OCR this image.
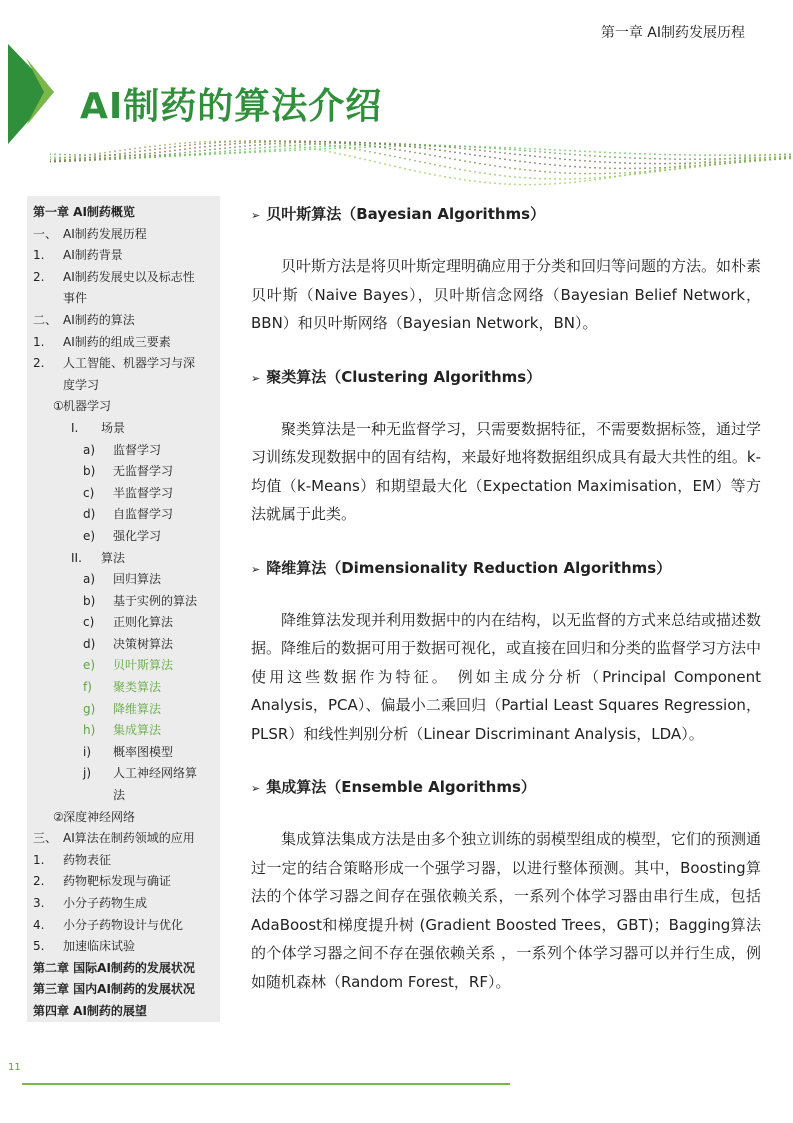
第一章 AI制药发展历程
AI制药的算法介绍
第一章 AI制药概览
一、 AI制药发展历程
1.	AI制药背景
2.	AI制药发展史以及标志性事件
二、 AI制药的算法
1.	AI制药的组成三要素
2.	人工智能、机器学习与深度学习
① 机器学习
I.	场景
a)	监督学习
b)	无监督学习
c)	半监督学习
d)	自监督学习
e)	强化学习
II.	算法
a)	回归算法
b)	基于实例的算法
c)	正则化算法
d)	决策树算法
e)	贝叶斯算法
f)	聚类算法
g)	降维算法
h)	集成算法
i)	概率图模型
j)	人工神经网络算法
② 深度神经网络
三、 AI算法在制药领域的应用
1.	药物表征
2.	药物靶标发现与确证
3.	小分子药物生成
4.	小分子药物设计与优化
5.	加速临床试验
第二章 国际AI制药的发展状况
第三章 国内AI制药的发展状况
第四章 AI制药的展望
➢ 贝叶斯算法（Bayesian Algorithms）

贝叶斯方法是将贝叶斯定理明确应用于分类和回归等问题的方法。如朴素贝叶斯（Naive Bayes），贝叶斯信念网络（Bayesian Belief Network，BBN）和贝叶斯网络（Bayesian Network，BN）。

➢ 聚类算法（Clustering Algorithms）

聚类算法是一种无监督学习，只需要数据特征，不需要数据标签，通过学习训练发现数据中的固有结构，来最好地将数据组织成具有最大共性的组。k-均值（k-Means）和期望最大化（Expectation Maximisation，EM）等方法就属于此类。

➢ 降维算法（Dimensionality Reduction Algorithms）

降维算法发现并利用数据中的内在结构，以无监督的方式来总结或描述数据。降维后的数据可用于数据可视化，或直接在回归和分类的监督学习方法中使用这些数据作为特征。 例如主成分分析（Principal Component Analysis，PCA）、偏最小二乘回归（Partial Least Squares Regression，PLSR）和线性判别分析（Linear Discriminant Analysis，LDA）。

➢ 集成算法（Ensemble Algorithms）

集成算法集成方法是由多个独立训练的弱模型组成的模型，它们的预测通过一定的结合策略形成一个强学习器，以进行整体预测。其中，Boosting算法的个体学习器之间存在强依赖关系，一系列个体学习器由串行生成，包括AdaBoost和梯度提升树 (Gradient Boosted Trees，GBT)；Bagging算法的个体学习器之间不存在强依赖关系 ，一系列个体学习器可以并行生成，例如随机森林（Random Forest，RF）。

11
